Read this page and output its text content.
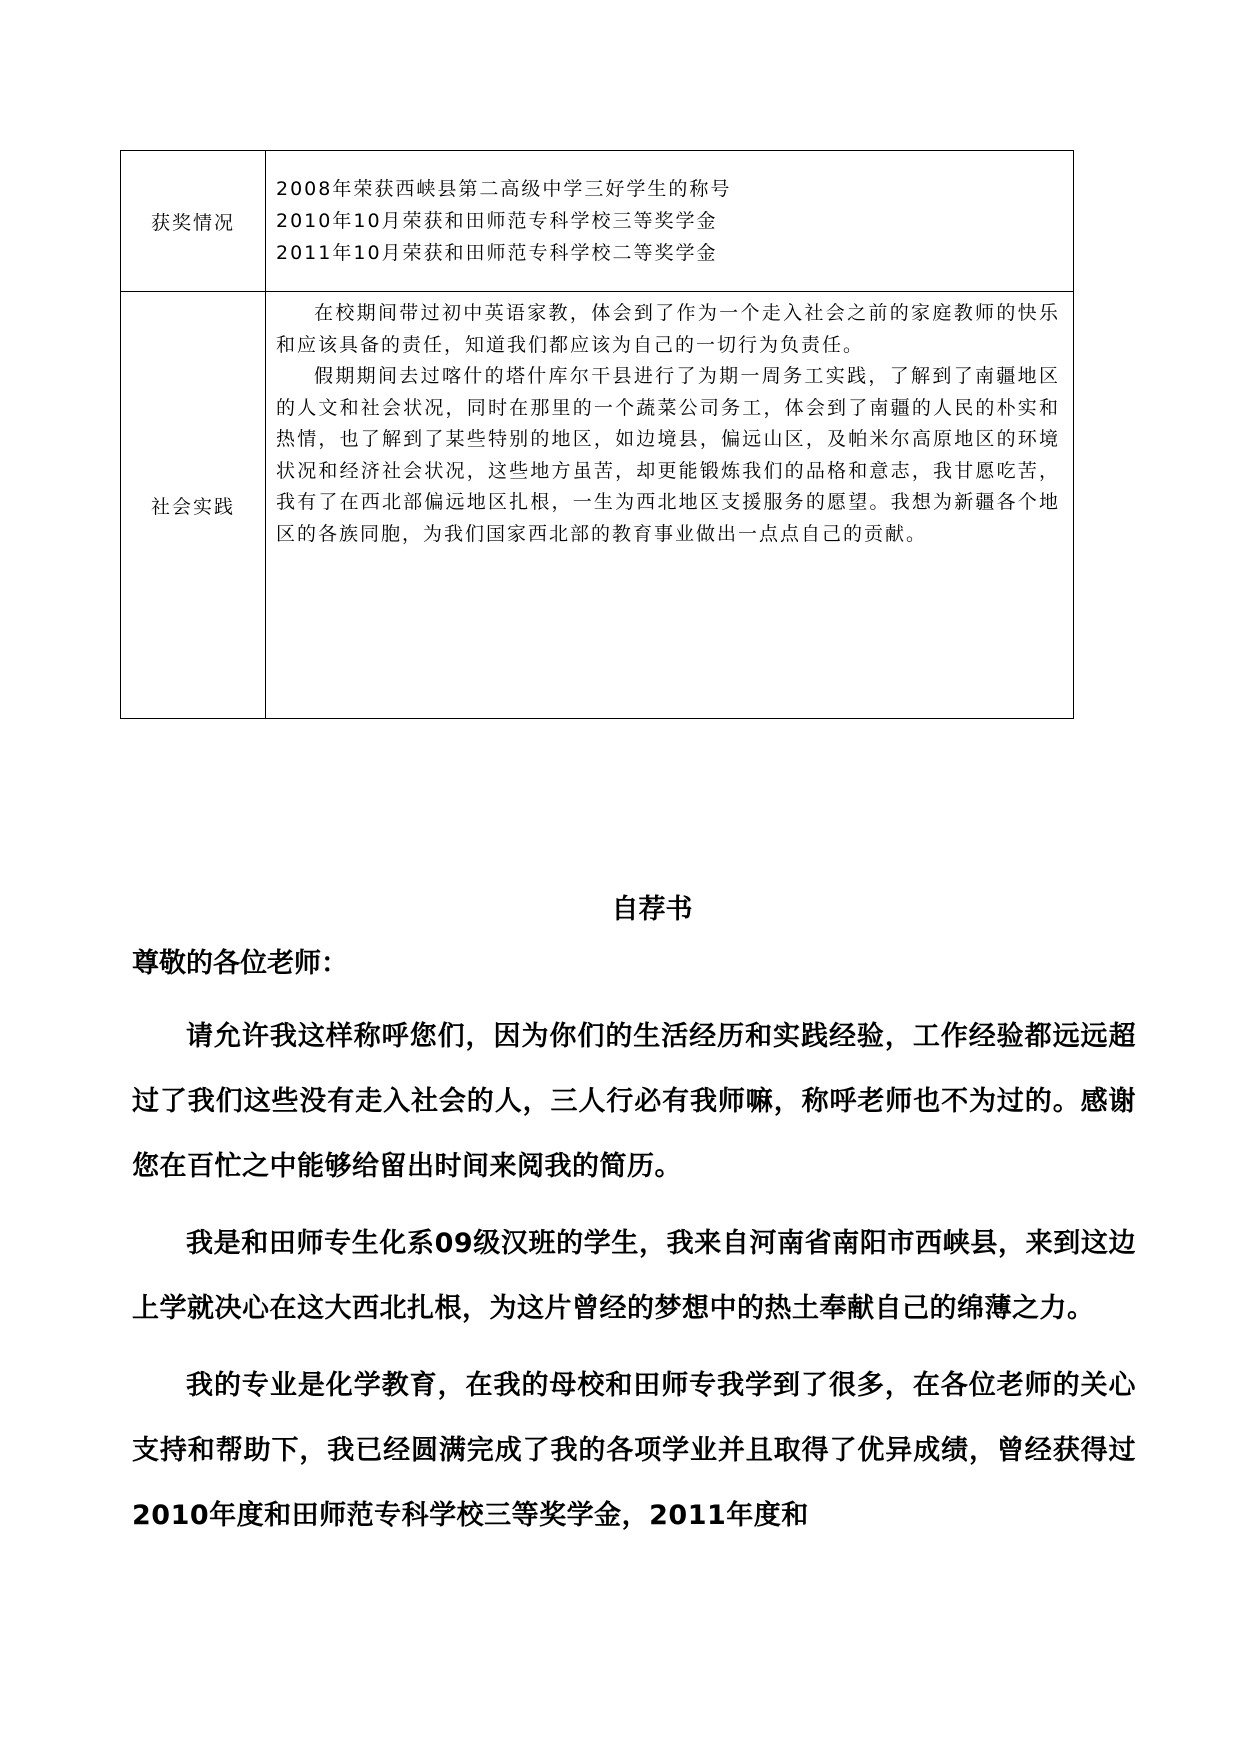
获奖情况	2008年荣获西峡县第二高级中学三好学生的称号

2010年10月荣获和田师范专科学校三等奖学金

2011年10月荣获和田师范专科学校二等奖学金

社会实践	在校期间带过初中英语家教，体会到了作为一个走入社会之前的家庭教师的快乐和应该具备的责任，知道我们都应该为自己的一切行为负责任。

假期期间去过喀什的塔什库尔干县进行了为期一周务工实践，了解到了南疆地区的人文和社会状况，同时在那里的一个蔬菜公司务工，体会到了南疆的人民的朴实和热情，也了解到了某些特别的地区，如边境县，偏远山区，及帕米尔高原地区的环境状况和经济社会状况，这些地方虽苦，却更能锻炼我们的品格和意志，我甘愿吃苦，我有了在西北部偏远地区扎根，一生为西北地区支援服务的愿望。我想为新疆各个地区的各族同胞，为我们国家西北部的教育事业做出一点点自己的贡献。

自荐书

尊敬的各位老师：

请允许我这样称呼您们，因为你们的生活经历和实践经验，工作经验都远远超过了我们这些没有走入社会的人，三人行必有我师嘛，称呼老师也不为过的。感谢您在百忙之中能够给留出时间来阅我的简历。

我是和田师专生化系09级汉班的学生，我来自河南省南阳市西峡县，来到这边上学就决心在这大西北扎根，为这片曾经的梦想中的热土奉献自己的绵薄之力。

我的专业是化学教育，在我的母校和田师专我学到了很多，在各位老师的关心支持和帮助下，我已经圆满完成了我的各项学业并且取得了优异成绩，曾经获得过2010年度和田师范专科学校三等奖学金，2011年度和
